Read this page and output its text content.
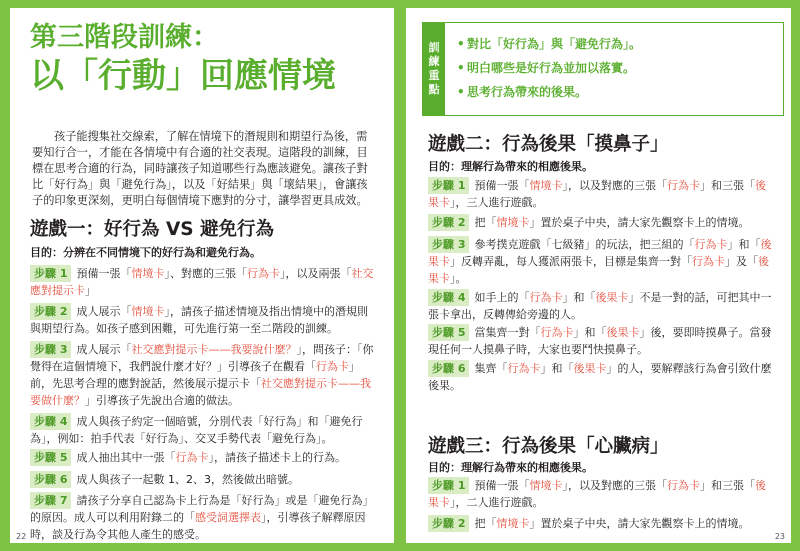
第三階段訓練：
以「行動」回應情境
孩子能搜集社交線索，了解在情境下的潛規則和期望行為後，需要知行合一，才能在各情境中有合適的社交表現。這階段的訓練，目標在思考合適的行為，同時讓孩子知道哪些行為應該避免。讓孩子對比「好行為」與「避免行為」，以及「好結果」與「壞結果」，會讓孩子的印象更深刻，更明白每個情境下應對的分寸，讓學習更具成效。
遊戲一：好行為 VS 避免行為
目的：分辨在不同情境下的好行為和避免行為。
步驟 1 預備一張「情境卡」、對應的三張「行為卡」，以及兩張「社交應對提示卡」
步驟 2 成人展示「情境卡」，請孩子描述情境及指出情境中的潛規則與期望行為。如孩子感到困難，可先進行第一至二階段的訓練。
步驟 3 成人展示「社交應對提示卡——我要說什麼？」，問孩子：「你覺得在這個情境下，我們說什麼才好？」引導孩子在觀看「行為卡」前，先思考合理的應對說話，然後展示提示卡「社交應對提示卡——我要做什麼？」引導孩子先說出合適的做法。
步驟 4 成人與孩子約定一個暗號，分別代表「好行為」和「避免行為」，例如：拍手代表「好行為」、交叉手勢代表「避免行為」。
步驟 5 成人抽出其中一張「行為卡」，請孩子描述卡上的行為。
步驟 6 成人與孩子一起數 1、2、3，然後做出暗號。
步驟 7 請孩子分享自己認為卡上行為是「好行為」或是「避免行為」的原因。成人可以利用附錄二的「感受詞選擇表」，引導孩子解釋原因時，談及行為令其他人產生的感受。
22
訓
練
重
點
• 對比「好行為」與「避免行為」。
• 明白哪些是好行為並加以落實。
• 思考行為帶來的後果。
遊戲二：行為後果「摸鼻子」
目的：理解行為帶來的相應後果。
步驟 1 預備一張「情境卡」，以及對應的三張「行為卡」和三張「後果卡」，三人進行遊戲。
步驟 2 把「情境卡」置於桌子中央，請大家先觀察卡上的情境。
步驟 3 參考撲克遊戲「七級豬」的玩法，把三組的「行為卡」和「後果卡」反轉弄亂，每人獲派兩張卡，目標是集齊一對「行為卡」及「後果卡」。
步驟 4 如手上的「行為卡」和「後果卡」不是一對的話，可把其中一張卡拿出，反轉傳給旁邊的人。
步驟 5 當集齊一對「行為卡」和「後果卡」後，要即時摸鼻子。當發現任何一人摸鼻子時，大家也要鬥快摸鼻子。
步驟 6 集齊「行為卡」和「後果卡」的人，要解釋該行為會引致什麼後果。
遊戲三：行為後果「心臟病」
目的：理解行為帶來的相應後果。
步驟 1 預備一張「情境卡」，以及對應的三張「行為卡」和三張「後果卡」，二人進行遊戲。
步驟 2 把「情境卡」置於桌子中央，請大家先觀察卡上的情境。
23
